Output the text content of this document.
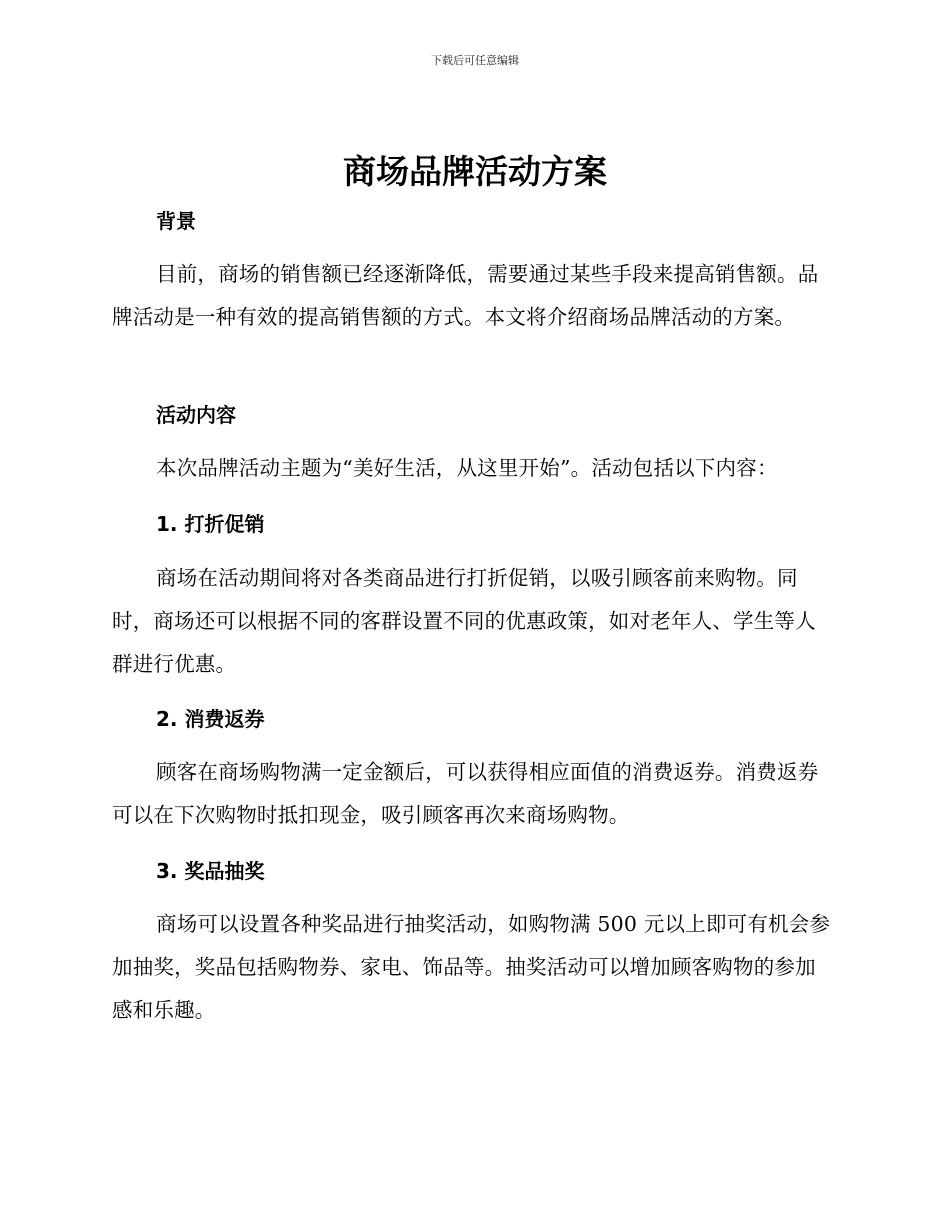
下载后可任意编辑
商场品牌活动方案
背景

目前，商场的销售额已经逐渐降低，需要通过某些手段来提高销售额。品牌活动是一种有效的提高销售额的方式。本文将介绍商场品牌活动的方案。

活动内容

本次品牌活动主题为“美好生活，从这里开始”。活动包括以下内容：

1. 打折促销

商场在活动期间将对各类商品进行打折促销，以吸引顾客前来购物。同时，商场还可以根据不同的客群设置不同的优惠政策，如对老年人、学生等人群进行优惠。

2. 消费返券

顾客在商场购物满一定金额后，可以获得相应面值的消费返券。消费返券可以在下次购物时抵扣现金，吸引顾客再次来商场购物。

3. 奖品抽奖

商场可以设置各种奖品进行抽奖活动，如购物满 500 元以上即可有机会参加抽奖，奖品包括购物券、家电、饰品等。抽奖活动可以增加顾客购物的参加感和乐趣。
